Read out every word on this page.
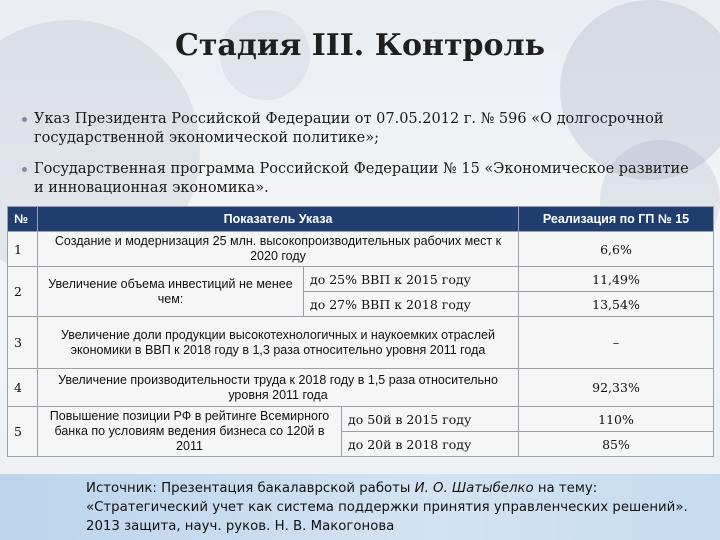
Стадия III. Контроль
Указ Президента Российской Федерации от 07.05.2012 г. № 596 «О долгосрочной государственной экономической политике»;
Государственная программа Российской Федерации № 15 «Экономическое развитие и инновационная экономика».
№	Показатель Указа			Реализация по ГП № 15
1	Создание и модернизация 25 млн. высокопроизводительных рабочих мест к 2020 году			6,6%
2	Увеличение объема инвестиций не менее чем:	до 25% ВВП к 2015 году		11,49%
		до 27% ВВП к 2018 году		13,54%
3	Увеличение доли продукции высокотехнологичных и наукоемких отраслей экономики в ВВП к 2018 году в 1,3 раза относительно уровня 2011 года			–
4	Увеличение производительности труда к 2018 году в 1,5 раза относительно уровня 2011 года			92,33%
5	Повышение позиции РФ в рейтинге Всемирного банка по условиям ведения бизнеса со 120й в 2011		до 50й в 2015 году	110%
			до 20й в 2018 году	85%

Источник: Презентация бакалаврской работы И. О. Шатыбелко на тему: «Стратегический учет как система поддержки принятия управленческих решений». 2013 защита, науч. руков. Н. В. Макогонова
